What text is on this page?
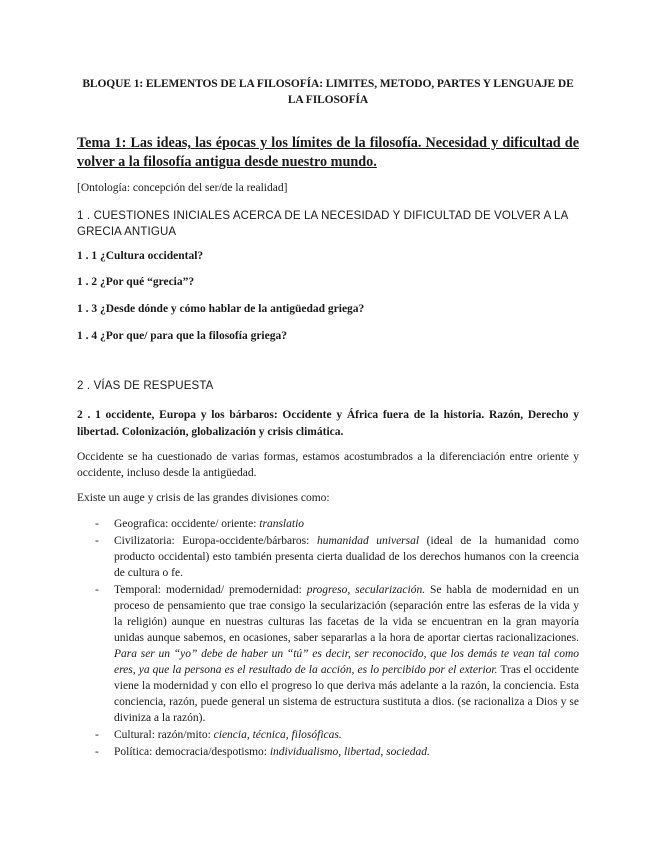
BLOQUE 1: ELEMENTOS DE LA FILOSOFÍA: LIMITES, METODO, PARTES Y LENGUAJE DE LA FILOSOFÍA
Tema 1: Las ideas, las épocas y los límites de la filosofía. Necesidad y dificultad de volver a la filosofía antigua desde nuestro mundo.
[Ontología: concepción del ser/de la realidad]
1 . CUESTIONES INICIALES ACERCA DE LA NECESIDAD Y DIFICULTAD DE VOLVER A LA GRECIA ANTIGUA
1 . 1 ¿Cultura occidental?
1 . 2 ¿Por qué “grecia”?
1 . 3 ¿Desde dónde y cómo hablar de la antigüedad griega?
1 . 4 ¿Por que/ para que la filosofía griega?
2 . VÍAS DE RESPUESTA
2 . 1 occidente, Europa y los bárbaros: Occidente y África fuera de la historia. Razón, Derecho y libertad. Colonización, globalización y crisis climática.
Occidente se ha cuestionado de varias formas, estamos acostumbrados a la diferenciación entre oriente y occidente, incluso desde la antigüedad.
Existe un auge y crisis de las grandes divisiones como:
- Geografica: occidente/ oriente: translatio
- Civilizatoria: Europa-occidente/bárbaros: humanidad universal (ideal de la humanidad como producto occidental) esto también presenta cierta dualidad de los derechos humanos con la creencia de cultura o fe.
- Temporal: modernidad/ premodernidad: progreso, secularización. Se habla de modernidad en un proceso de pensamiento que trae consigo la secularización (separación entre las esferas de la vida y la religión) aunque en nuestras culturas las facetas de la vida se encuentran en la gran mayoría unidas aunque sabemos, en ocasiones, saber separarlas a la hora de aportar ciertas racionalizaciones. Para ser un “yo” debe de haber un “tú” es decir, ser reconocido, que los demás te vean tal como eres, ya que la persona es el resultado de la acción, es lo percibido por el exterior. Tras el occidente viene la modernidad y con ello el progreso lo que deriva más adelante a la razón, la conciencia. Esta conciencia, razón, puede general un sistema de estructura sustituta a dios. (se racionaliza a Dios y se diviniza a la razón).
- Cultural: razón/mito: ciencia, técnica, filosóficas.
- Política: democracia/despotismo: individualismo, libertad, sociedad.
